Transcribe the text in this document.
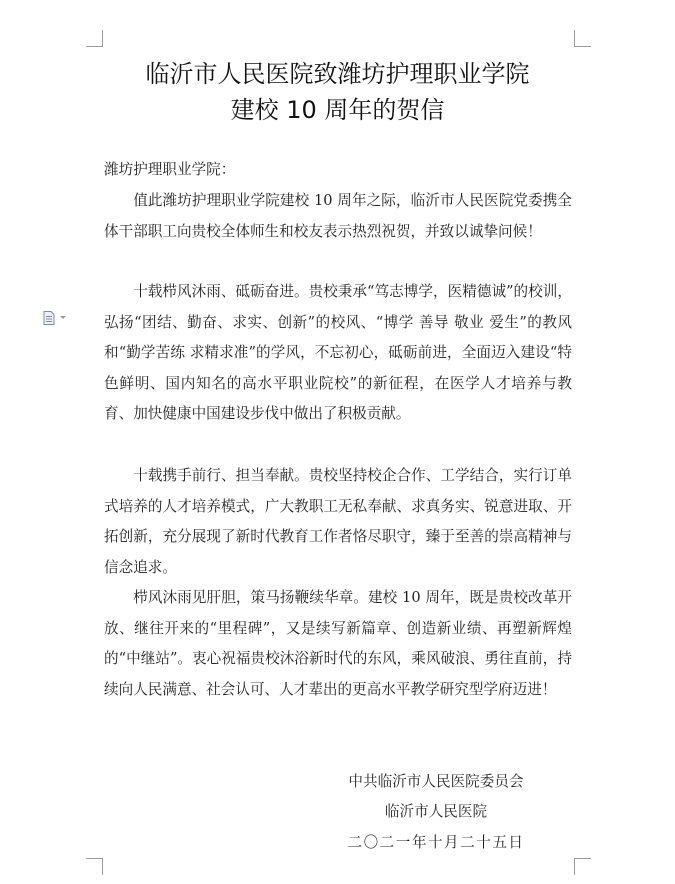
临沂市人民医院致潍坊护理职业学院
建校 10 周年的贺信
潍坊护理职业学院：

值此潍坊护理职业学院建校 10 周年之际，临沂市人民医院党委携全体干部职工向贵校全体师生和校友表示热烈祝贺，并致以诚挚问候！

十载栉风沐雨、砥砺奋进。贵校秉承“笃志博学，医精德诚”的校训，弘扬“团结、勤奋、求实、创新”的校风、“博学 善导 敬业 爱生”的教风和“勤学苦练 求精求准”的学风，不忘初心，砥砺前进，全面迈入建设“特色鲜明、国内知名的高水平职业院校”的新征程，在医学人才培养与教育、加快健康中国建设步伐中做出了积极贡献。

十载携手前行、担当奉献。贵校坚持校企合作、工学结合，实行订单式培养的人才培养模式，广大教职工无私奉献、求真务实、锐意进取、开拓创新，充分展现了新时代教育工作者恪尽职守，臻于至善的崇高精神与信念追求。

栉风沐雨见肝胆，策马扬鞭续华章。建校 10 周年，既是贵校改革开放、继往开来的“里程碑”，又是续写新篇章、创造新业绩、再塑新辉煌的“中继站”。衷心祝福贵校沐浴新时代的东风，乘风破浪、勇往直前，持续向人民满意、社会认可、人才辈出的更高水平教学研究型学府迈进！

中共临沂市人民医院委员会
临沂市人民医院
二〇二一年十月二十五日
